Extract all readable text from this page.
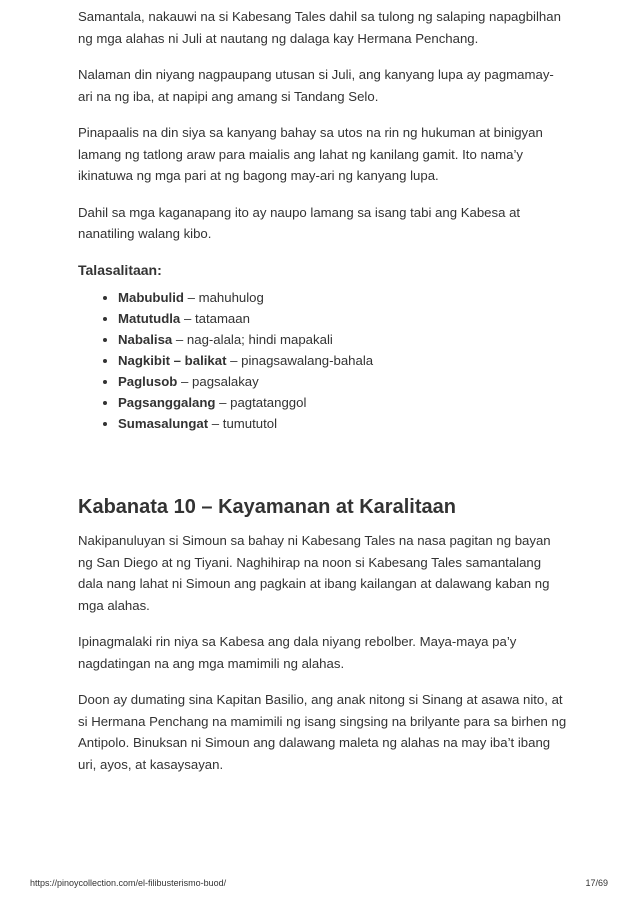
Samantala, nakauwi na si Kabesang Tales dahil sa tulong ng salaping napagbilhan ng mga alahas ni Juli at nautang ng dalaga kay Hermana Penchang.

Nalaman din niyang nagpaupang utusan si Juli, ang kanyang lupa ay pagmamay-ari na ng iba, at napipi ang amang si Tandang Selo.

Pinapaalis na din siya sa kanyang bahay sa utos na rin ng hukuman at binigyan lamang ng tatlong araw para maialis ang lahat ng kanilang gamit. Ito nama’y ikinatuwa ng mga pari at ng bagong may-ari ng kanyang lupa.

Dahil sa mga kaganapang ito ay naupo lamang sa isang tabi ang Kabesa at nanatiling walang kibo.

Talasalitaan:
• Mabubulid – mahuhulog
• Matutudla – tatamaan
• Nabalisa – nag-alala; hindi mapakali
• Nagkibit – balikat – pinagsawalang-bahala
• Paglusob – pagsalakay
• Pagsanggalang – pagtatanggol
• Sumasalungat – tumututol
Kabanata 10 – Kayamanan at Karalitaan

Nakipanuluyan si Simoun sa bahay ni Kabesang Tales na nasa pagitan ng bayan ng San Diego at ng Tiyani. Naghihirap na noon si Kabesang Tales samantalang dala nang lahat ni Simoun ang pagkain at ibang kailangan at dalawang kaban ng mga alahas.

Ipinagmalaki rin niya sa Kabesa ang dala niyang rebolber. Maya-maya pa’y nagdatingan na ang mga mamimili ng alahas.

Doon ay dumating sina Kapitan Basilio, ang anak nitong si Sinang at asawa nito, at si Hermana Penchang na mamimili ng isang singsing na brilyante para sa birhen ng Antipolo. Binuksan ni Simoun ang dalawang maleta ng alahas na may iba’t ibang uri, ayos, at kasaysayan.

https://pinoycollection.com/el-filibusterismo-buod/	17/69
